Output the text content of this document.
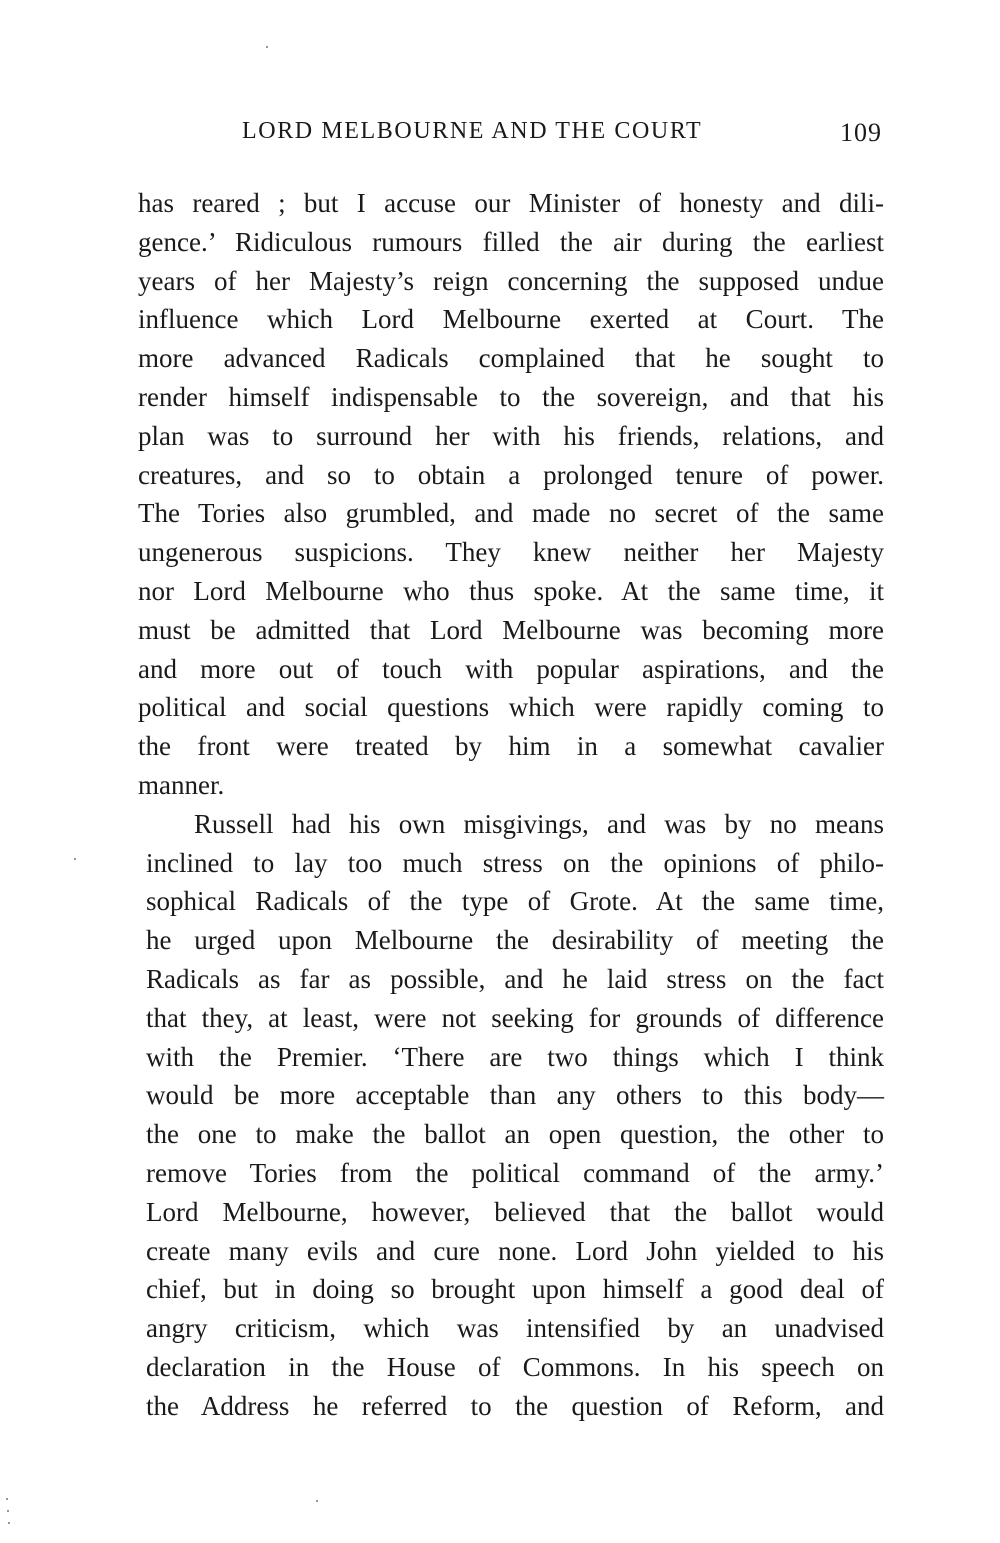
LORD MELBOURNE AND THE COURT	109
has reared ; but I accuse our Minister of honesty and dili-
gence.’ Ridiculous rumours filled the air during the earliest
years of her Majesty’s reign concerning the supposed undue
influence which Lord Melbourne exerted at Court. The
more advanced Radicals complained that he sought to
render himself indispensable to the sovereign, and that his
plan was to surround her with his friends, relations, and
creatures, and so to obtain a prolonged tenure of power.
The Tories also grumbled, and made no secret of the same
ungenerous suspicions. They knew neither her Majesty
nor Lord Melbourne who thus spoke. At the same time, it
must be admitted that Lord Melbourne was becoming more
and more out of touch with popular aspirations, and the
political and social questions which were rapidly coming to
the front were treated by him in a somewhat cavalier
manner.
Russell had his own misgivings, and was by no means
inclined to lay too much stress on the opinions of philo-
sophical Radicals of the type of Grote. At the same time,
he urged upon Melbourne the desirability of meeting the
Radicals as far as possible, and he laid stress on the fact
that they, at least, were not seeking for grounds of difference
with the Premier. ‘There are two things which I think
would be more acceptable than any others to this body—
the one to make the ballot an open question, the other to
remove Tories from the political command of the army.’
Lord Melbourne, however, believed that the ballot would
create many evils and cure none. Lord John yielded to his
chief, but in doing so brought upon himself a good deal of
angry criticism, which was intensified by an unadvised
declaration in the House of Commons. In his speech on
the Address he referred to the question of Reform, and
